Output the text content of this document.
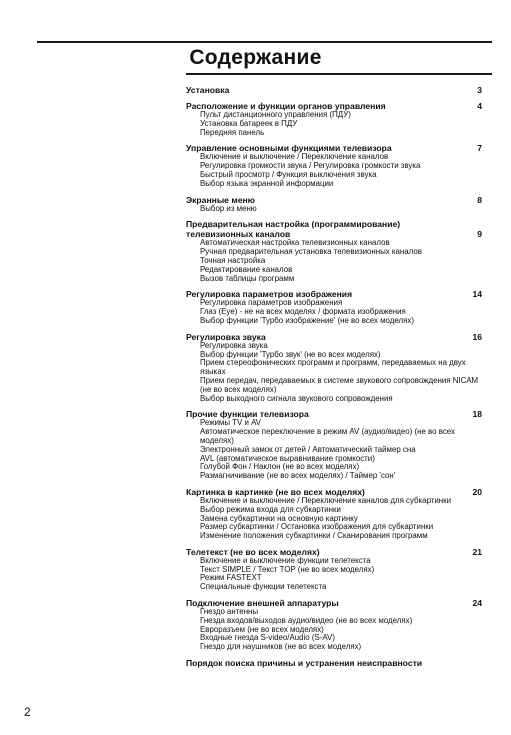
Содержание
Установка	3
Расположение и функции органов управления	4
Пульт дистанционного управления (ПДУ)
Установка батареек в ПДУ
Передняя панель
Управление основными функциями телевизора	7
Включение и выключение / Переключение каналов
Регулировка громкости звука / Регулировка громкости звука
Быстрый просмотр / Функция выключения звука
Выбор языка экранной информации
Экранные меню	8
Выбор из меню
Предварительная настройка (программирование) телевизионных каналов	9
Автоматическая настройка телевизионных каналов
Ручная предварительная установка телевизионных каналов
Точная настройка
Редактирование каналов
Вызов таблицы программ
Регулировка параметров изображения	14
Регулировка параметров изображения
Глаз (Eye) - не на всех моделях / формата изображения
Выбор функции 'Турбо изображение' (не во всех моделях)
Регулировка звука	16
Регулировка звука
Выбор функции 'Турбо звук' (не во всех моделях)
Прием стереофонических программ и программ, передаваемых на двух языках
Прием передач, передаваемых в системе звукового сопровождения NICAM (не во всех моделях)
Выбор выходного сигнала звукового сопровождения
Прочие функции телевизора	18
Режимы TV и AV
Автоматическое переключение в режим AV (аудио/видео) (не во всех моделях)
Электронный замок от детей / Автоматический таймер сна
AVL (автоматическое выравнивание громкости)
Голубой Фон / Наклон (не во всех моделях)
Размагничивание (не во всех моделях) / Таймер 'сон'
Картинка в картинке (не во всех моделях)	20
Включение и выключение / Переключение каналов для субкартинки
Выбор режима входа для субкартинки
Замена субкартинки на основную картинку
Размер субкартинки / Остановка изображения для субкартинки
Изменение положения субкартинки / Сканирования программ
Телетекст (не во всех моделях)	21
Включение и выключение функции телетекста
Текст SIMPLE / Текст TOP (не во всех моделях)
Режим FASTEXT
Специальные функции телетекста
Подключение внешней аппаратуры	24
Гнездо антенны
Гнезда входов/выходов аудио/видео (не во всех моделях)
Евроразъем (не во всех моделях)
Входные гнезда S-video/Audio (S-AV)
Гнездо для наушников (не во всех моделях)
Порядок поиска причины и устранения неисправности
2
